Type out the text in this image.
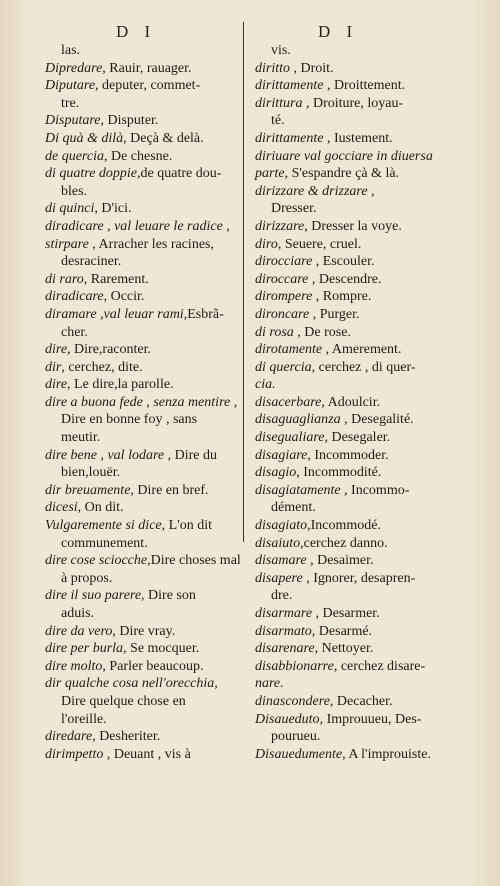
D I	D I
las.
Dipredare, Rauir, rauager.
Diputare, deputer, commet-
tre.
Disputare, Disputer.
Di quà & dilà, Deçà & delà.
de quercia, De chesne.
di quatre doppie,de quatre dou-
bles.
di quinci, D'ici.
diradicare , val leuare le radice ,
stirpare , Arracher les racines,
desraciner.
di raro, Rarement.
diradicare, Occir.
diramare ,val leuar rami,Esbrã-
cher.
dire, Dire,raconter.
dir, cerchez, dite.
dire, Le dire,la parolle.
dire a buona fede , senza mentire ,
Dire en bonne foy , sans
meutir.
dire bene , val lodare , Dire du
bien,louër.
dir breuamente, Dire en bref.
dicesi, On dit.
Vulgaremente si dice, L'on dit
communement.
dire cose sciocche,Dire choses mal
à propos.
dire il suo parere, Dire son
aduis.
dire da vero, Dire vray.
dire per burla, Se mocquer.
dire molto, Parler beaucoup.
dir qualche cosa nell'orecchia,
Dire quelque chose en
l'oreille.
diredare, Desheriter.
dirimpetto , Deuant , vis à
vis.
diritto , Droit.
dirittamente , Droittement.
dirittura , Droiture, loyau-
té.
dirittamente , Iustement.
diriuare val gocciare in diuersa
parte, S'espandre çà & là.
dirizzare & drizzare ,
Dresser.
dirizzare, Dresser la voye.
diro, Seuere, cruel.
dirocciare , Escouler.
diroccare , Descendre.
dirompere , Rompre.
dironcare , Purger.
di rosa , De rose.
dirotamente , Amerement.
di quercia, cerchez , di quer-
cia.
disacerbare, Adoulcir.
disaguaglianza , Desegalité.
disegualiare, Desegaler.
disagiare, Incommoder.
disagio, Incommodité.
disagiatamente , Incommo-
dément.
disagiato,Incommodé.
disaiuto,cerchez danno.
disamare , Desaimer.
disapere , Ignorer, desapren-
dre.
disarmare , Desarmer.
disarmato, Desarmé.
disarenare, Nettoyer.
disabbionarre, cerchez disare-
nare.
dinascondere, Decacher.
Disaueduto, Improuueu, Des-
pourueu.
Disauedumente, A l'improuiste.
